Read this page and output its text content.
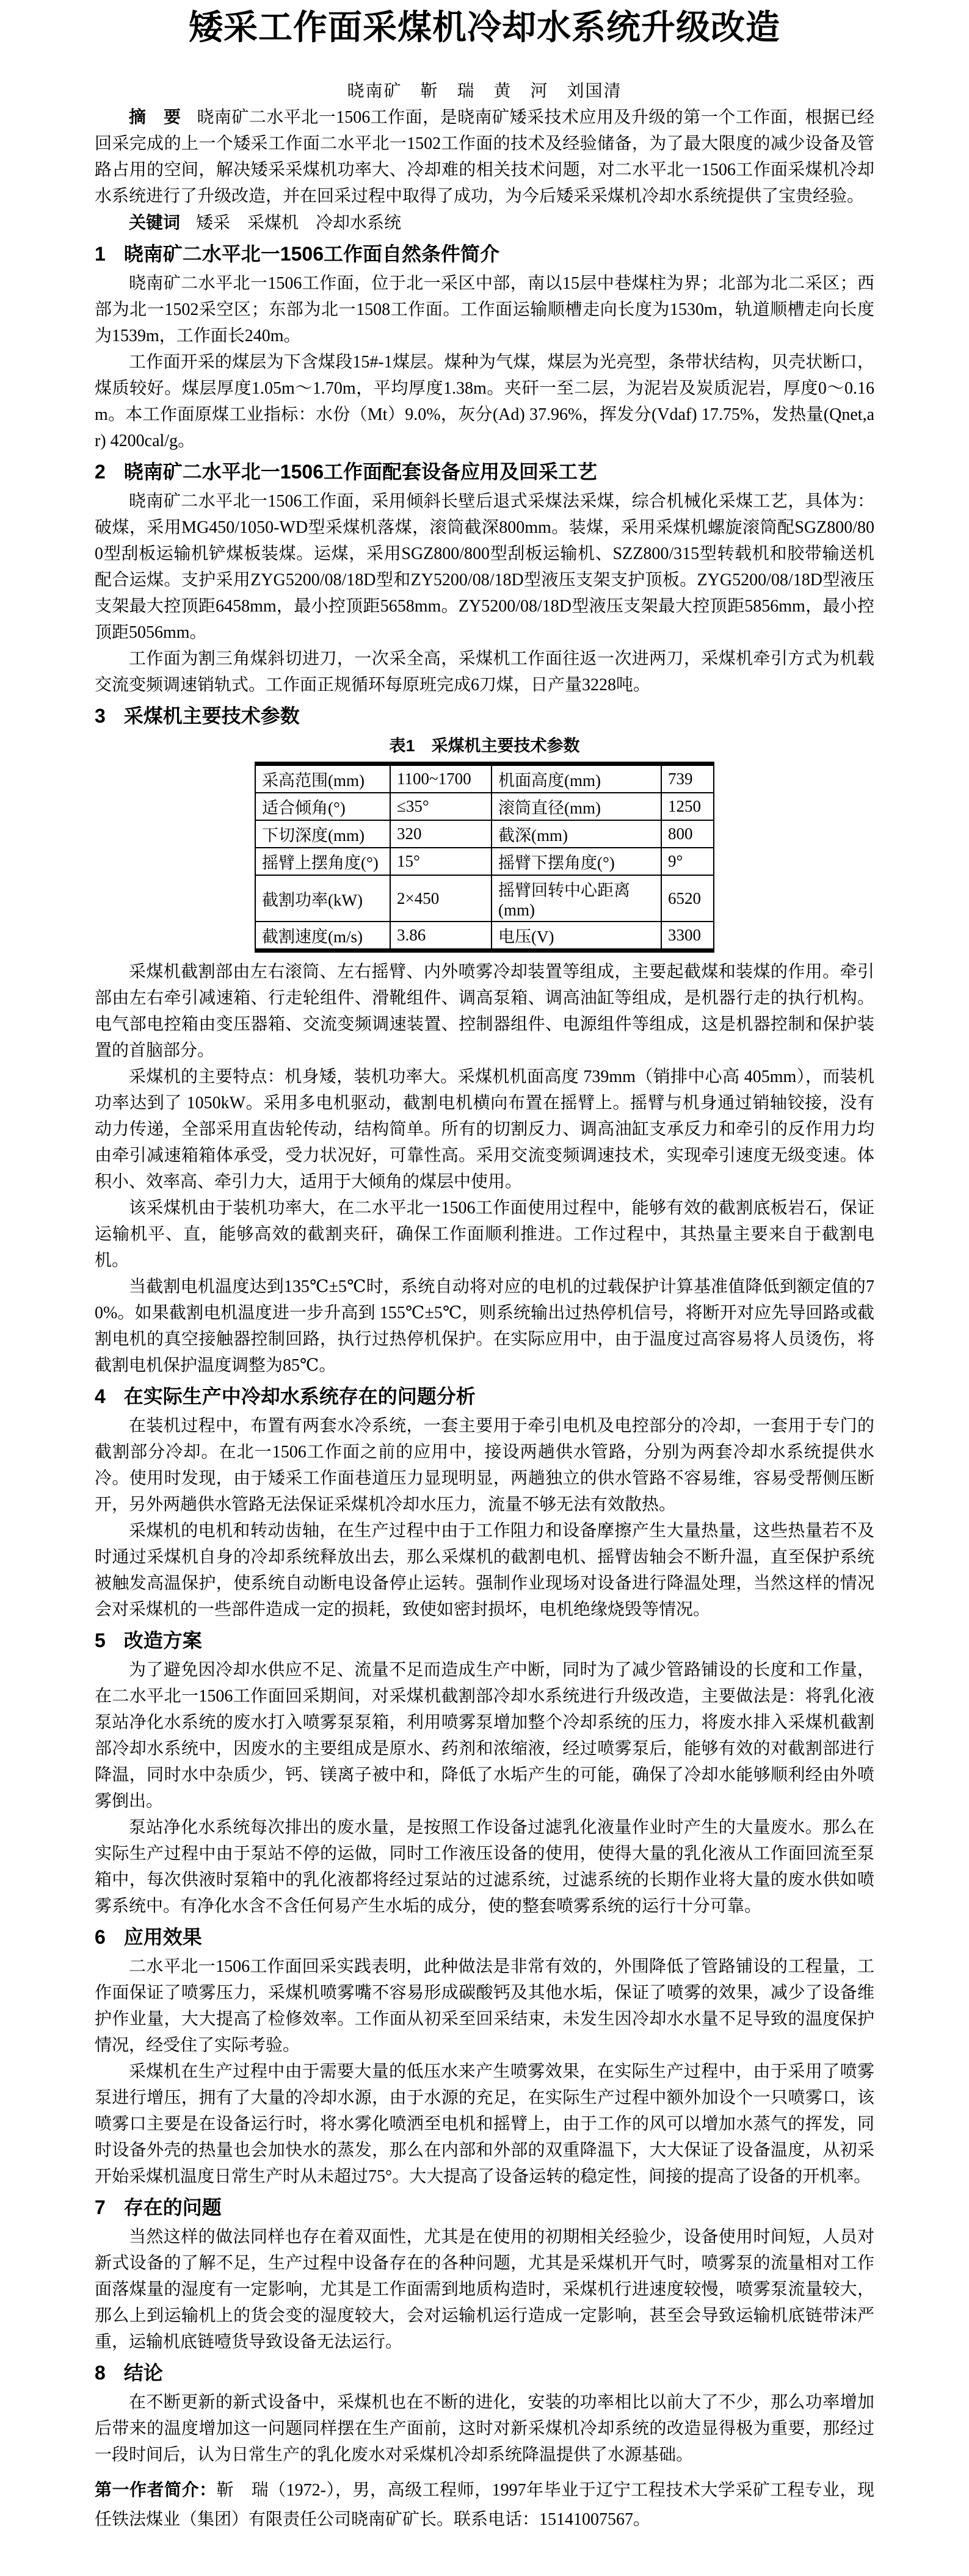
矮采工作面采煤机冷却水系统升级改造
晓南矿　靳　瑞　黄　河　刘国清

摘　要 晓南矿二水平北一1506工作面，是晓南矿矮采技术应用及升级的第一个工作面，根据已经回采完成的上一个矮采工作面二水平北一1502工作面的技术及经验储备，为了最大限度的减少设备及管路占用的空间，解决矮采采煤机功率大、冷却难的相关技术问题，对二水平北一1506工作面采煤机冷却水系统进行了升级改造，并在回采过程中取得了成功，为今后矮采采煤机冷却水系统提供了宝贵经验。

关键词 矮采　采煤机　冷却水系统

1 晓南矿二水平北一1506工作面自然条件简介

晓南矿二水平北一1506工作面，位于北一采区中部，南以15层中巷煤柱为界；北部为北二采区；西部为北一1502采空区；东部为北一1508工作面。工作面运输顺槽走向长度为1530m，轨道顺槽走向长度为1539m，工作面长240m。

工作面开采的煤层为下含煤段15#-1煤层。煤种为气煤，煤层为光亮型，条带状结构，贝壳状断口，煤质较好。煤层厚度1.05m～1.70m，平均厚度1.38m。夹矸一至二层，为泥岩及炭质泥岩，厚度0～0.16m。本工作面原煤工业指标：水份（Mt）9.0%，灰分(Ad) 37.96%，挥发分(Vdaf) 17.75%，发热量(Qnet,ar) 4200cal/g。

2 晓南矿二水平北一1506工作面配套设备应用及回采工艺

晓南矿二水平北一1506工作面，采用倾斜长壁后退式采煤法采煤，综合机械化采煤工艺，具体为：破煤，采用MG450/1050-WD型采煤机落煤，滚筒截深800mm。装煤，采用采煤机螺旋滚筒配SGZ800/800型刮板运输机铲煤板装煤。运煤，采用SGZ800/800型刮板运输机、SZZ800/315型转载机和胶带输送机配合运煤。支护采用ZYG5200/08/18D型和ZY5200/08/18D型液压支架支护顶板。ZYG5200/08/18D型液压支架最大控顶距6458mm，最小控顶距5658mm。ZY5200/08/18D型液压支架最大控顶距5856mm，最小控顶距5056mm。

工作面为割三角煤斜切进刀，一次采全高，采煤机工作面往返一次进两刀，采煤机牵引方式为机载交流变频调速销轨式。工作面正规循环每原班完成6刀煤，日产量3228吨。

3 采煤机主要技术参数
表1　采煤机主要技术参数
采高范围(mm)	1100~1700	机面高度(mm)	739
适合倾角(°)	≤35°	滚筒直径(mm)	1250
下切深度(mm)	320	截深(mm)	800
摇臂上摆角度(°)	15°	摇臂下摆角度(°)	9°
截割功率(kW)	2×450	摇臂回转中心距离(mm)	6520
截割速度(m/s)	3.86	电压(V)	3300

采煤机截割部由左右滚筒、左右摇臂、内外喷雾冷却装置等组成，主要起截煤和装煤的作用。牵引部由左右牵引减速箱、行走轮组件、滑靴组件、调高泵箱、调高油缸等组成，是机器行走的执行机构。电气部电控箱由变压器箱、交流变频调速装置、控制器组件、电源组件等组成，这是机器控制和保护装置的首脑部分。

采煤机的主要特点：机身矮，装机功率大。采煤机机面高度 739mm（销排中心高 405mm），而装机功率达到了 1050kW。采用多电机驱动，截割电机横向布置在摇臂上。摇臂与机身通过销轴铰接，没有动力传递，全部采用直齿轮传动，结构简单。所有的切割反力、调高油缸支承反力和牵引的反作用力均由牵引减速箱箱体承受，受力状况好，可靠性高。采用交流变频调速技术，实现牵引速度无级变速。体积小、效率高、牵引力大，适用于大倾角的煤层中使用。

该采煤机由于装机功率大，在二水平北一1506工作面使用过程中，能够有效的截割底板岩石，保证运输机平、直，能够高效的截割夹矸，确保工作面顺利推进。工作过程中，其热量主要来自于截割电机。

当截割电机温度达到135℃±5℃时，系统自动将对应的电机的过载保护计算基准值降低到额定值的70%。如果截割电机温度进一步升高到 155℃±5℃，则系统输出过热停机信号，将断开对应先导回路或截割电机的真空接触器控制回路，执行过热停机保护。在实际应用中，由于温度过高容易将人员烫伤，将截割电机保护温度调整为85℃。

4 在实际生产中冷却水系统存在的问题分析

在装机过程中，布置有两套水冷系统，一套主要用于牵引电机及电控部分的冷却，一套用于专门的截割部分冷却。在北一1506工作面之前的应用中，接设两趟供水管路，分别为两套冷却水系统提供水冷。使用时发现，由于矮采工作面巷道压力显现明显，两趟独立的供水管路不容易维，容易受帮侧压断开，另外两趟供水管路无法保证采煤机冷却水压力，流量不够无法有效散热。

采煤机的电机和转动齿轴，在生产过程中由于工作阻力和设备摩擦产生大量热量，这些热量若不及时通过采煤机自身的冷却系统释放出去，那么采煤机的截割电机、摇臂齿轴会不断升温，直至保护系统被触发高温保护，使系统自动断电设备停止运转。强制作业现场对设备进行降温处理，当然这样的情况会对采煤机的一些部件造成一定的损耗，致使如密封损坏，电机绝缘烧毁等情况。

5 改造方案

为了避免因冷却水供应不足、流量不足而造成生产中断，同时为了减少管路铺设的长度和工作量，在二水平北一1506工作面回采期间，对采煤机截割部冷却水系统进行升级改造，主要做法是：将乳化液泵站净化水系统的废水打入喷雾泵泵箱，利用喷雾泵增加整个冷却系统的压力，将废水排入采煤机截割部冷却水系统中，因废水的主要组成是原水、药剂和浓缩液，经过喷雾泵后，能够有效的对截割部进行降温，同时水中杂质少，钙、镁离子被中和，降低了水垢产生的可能，确保了冷却水能够顺利经由外喷雾倒出。

泵站净化水系统每次排出的废水量，是按照工作设备过滤乳化液量作业时产生的大量废水。那么在实际生产过程中由于泵站不停的运做，同时工作液压设备的使用，使得大量的乳化液从工作面回流至泵箱中，每次供液时泵箱中的乳化液都将经过泵站的过滤系统，过滤系统的长期作业将大量的废水供如喷雾系统中。有净化水含不含任何易产生水垢的成分，使的整套喷雾系统的运行十分可靠。

6 应用效果

二水平北一1506工作面回采实践表明，此种做法是非常有效的，外围降低了管路铺设的工程量，工作面保证了喷雾压力，采煤机喷雾嘴不容易形成碳酸钙及其他水垢，保证了喷雾的效果，减少了设备维护作业量，大大提高了检修效率。工作面从初采至回采结束，未发生因冷却水水量不足导致的温度保护情况，经受住了实际考验。

采煤机在生产过程中由于需要大量的低压水来产生喷雾效果，在实际生产过程中，由于采用了喷雾泵进行增压，拥有了大量的冷却水源，由于水源的充足，在实际生产过程中额外加设个一只喷雾口，该喷雾口主要是在设备运行时，将水雾化喷洒至电机和摇臂上，由于工作的风可以增加水蒸气的挥发，同时设备外壳的热量也会加快水的蒸发，那么在内部和外部的双重降温下，大大保证了设备温度，从初采开始采煤机温度日常生产时从未超过75°。大大提高了设备运转的稳定性，间接的提高了设备的开机率。

7 存在的问题

当然这样的做法同样也存在着双面性，尤其是在使用的初期相关经验少，设备使用时间短，人员对新式设备的了解不足，生产过程中设备存在的各种问题，尤其是采煤机开气时，喷雾泵的流量相对工作面落煤量的湿度有一定影响，尤其是工作面需到地质构造时，采煤机行进速度较慢，喷雾泵流量较大，那么上到运输机上的货会变的湿度较大，会对运输机运行造成一定影响，甚至会导致运输机底链带沫严重，运输机底链噎货导致设备无法运行。

8 结论

在不断更新的新式设备中，采煤机也在不断的进化，安装的功率相比以前大了不少，那么功率增加后带来的温度增加这一问题同样摆在生产面前，这时对新采煤机冷却系统的改造显得极为重要，那经过一段时间后，认为日常生产的乳化废水对采煤机冷却系统降温提供了水源基础。

第一作者简介：靳　瑞（1972-），男，高级工程师，1997年毕业于辽宁工程技术大学采矿工程专业，现任铁法煤业（集团）有限责任公司晓南矿矿长。联系电话：15141007567。
